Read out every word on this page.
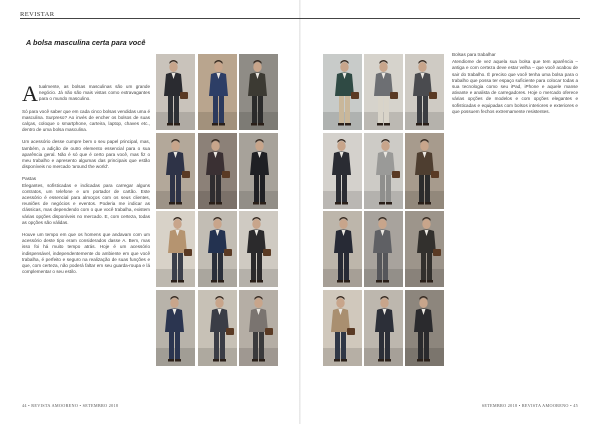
REVISTAR
A bolsa masculina certa para você

Atualmente, as bolsas masculinas são um grande negócio. Já não são mais vistas como extravagantes para o mundo masculino.

Só para você saber que em cada cinco bolsas vendidas uma é masculina. Surpreso? Ao invés de encher os bolsos de suas calças, coloque o smartphone, carteira, laptop, chaves etc., dentro de uma bolsa masculina.

Um acessório desse cumpre bem o seu papel principal, mas, também, a adição de outro elemento essencial para o sua aparência geral. Não é só que é certo para você, mas fiz o meu trabalho e apresento algumas das principais que estão disponíveis no mercado 'around the world'.

Pastas
Elegantes, sofisticadas e indicadas para carregar alguns contratos, um telefone e um portador de cartão. Este acessório é essencial para almoços com os seus clientes, reuniões de negócios e eventos. Poderia me indicar as clássicas, mas dependendo com o que você trabalha, existem várias opções disponíveis no mercado. E, com certeza, todas as opções são válidas.

Houve um tempo em que os homens que andavam com um acessório deste tipo eram considerados dasse A. Bem, mas isso foi há muito tempo atrás. Hoje é um acessório indispensável, independentemente do ambiente em que você trabalha, é perfeito e seguro na realização de suas funções e que, com certeza, não poderá faltar em seu guarda-roupa e lá complementar o seu estilo.

Bolsas para trabalhar

Atendiome de vez aquela sua bolsa que tem aparência – antiga e com certeza deve estar velha – que você acabou de sair do trabalho. É preciso que você tenha uma bolsa para o trabalho que possa ter espaço suficiente para colocar todas a sua tecnologia como seu iPad, iPhone e aquele manse ativante e analista de carregadores. Hoje o mercado oferece várias opções de modelos e com opções elegantes e sofisticadas e equipadas com bolsos interiores e exteriores e que possuem fechos extremamente resistentes.

44 • REVISTA AMOORENO • SETEMBRO 2018	SETEMBRO 2018 • REVISTA AMOORENO • 45
